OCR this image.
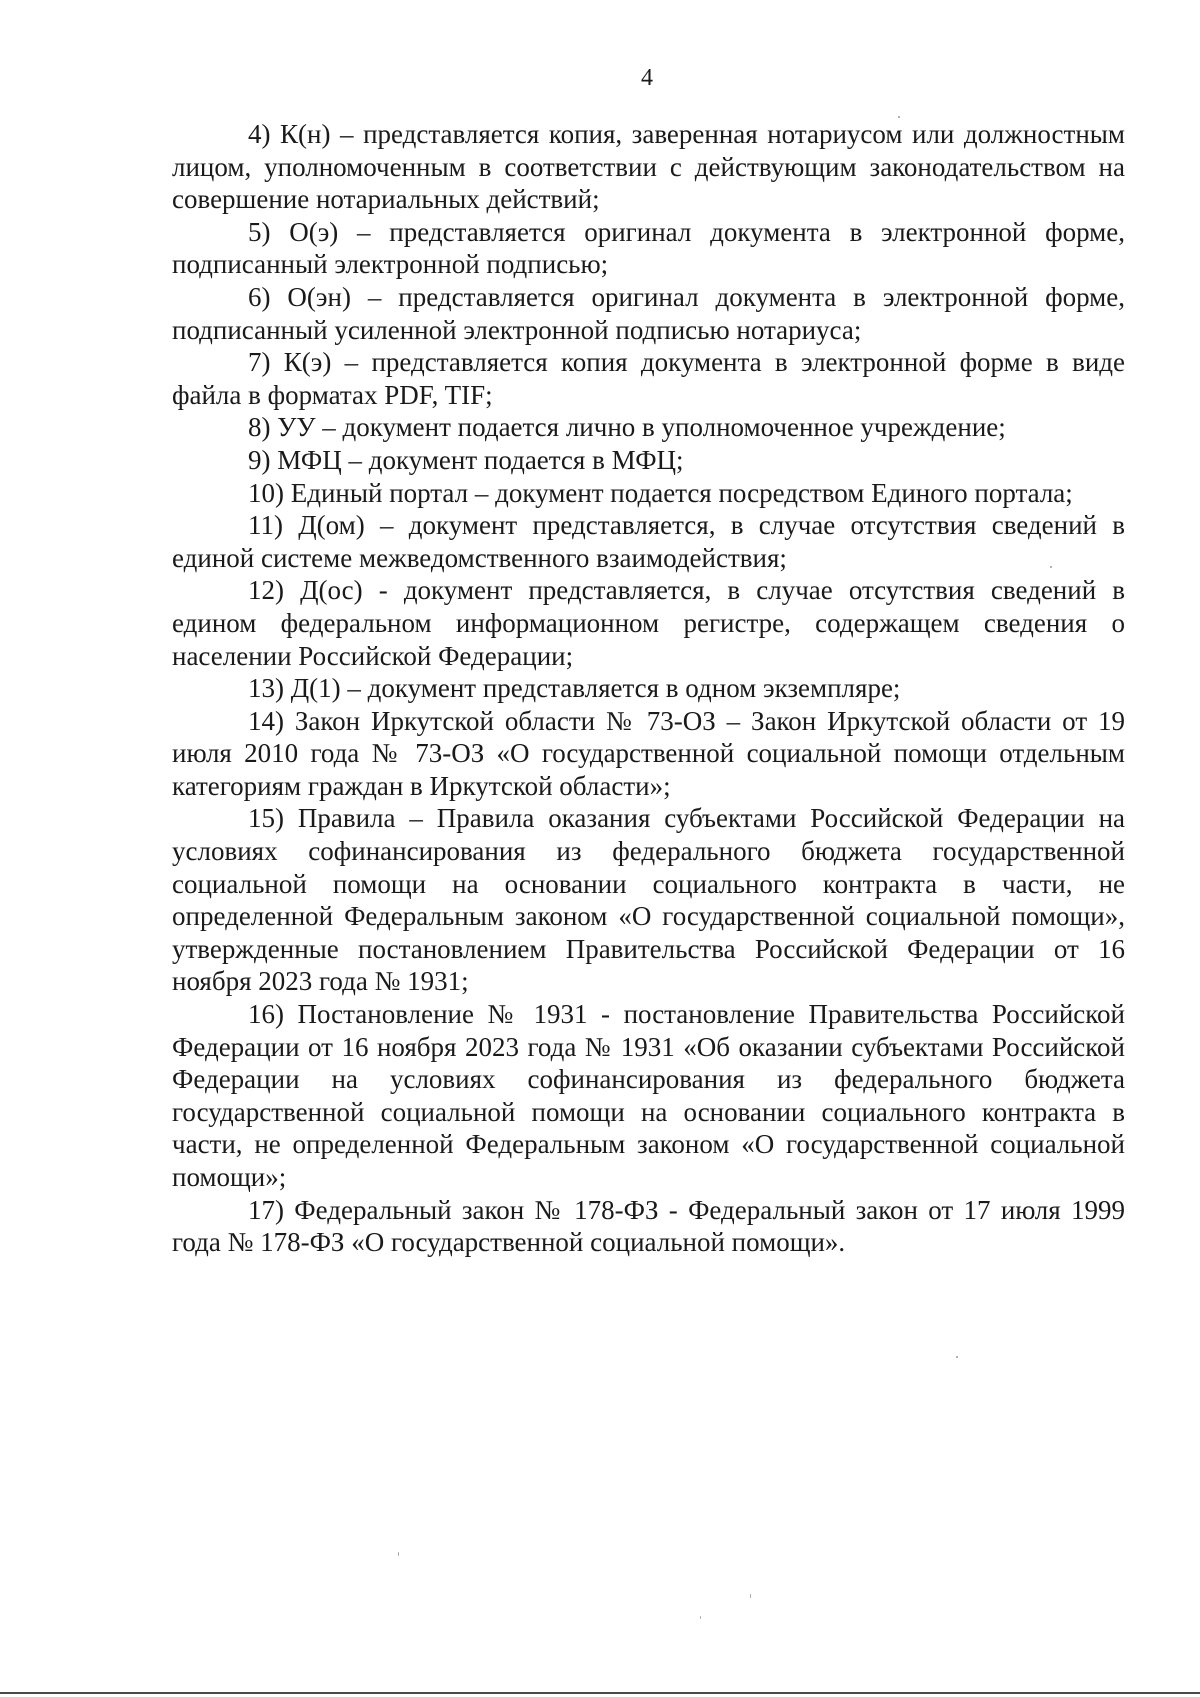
4

4) К(н) – представляется копия, заверенная нотариусом или должностным лицом, уполномоченным в соответствии с действующим законодательством на совершение нотариальных действий;

5) О(э) – представляется оригинал документа в электронной форме, подписанный электронной подписью;

6) О(эн) – представляется оригинал документа в электронной форме, подписанный усиленной электронной подписью нотариуса;

7) К(э) – представляется копия документа в электронной форме в виде файла в форматах PDF, TIF;

8) УУ – документ подается лично в уполномоченное учреждение;

9) МФЦ – документ подается в МФЦ;

10) Единый портал – документ подается посредством Единого портала;

11) Д(ом) – документ представляется, в случае отсутствия сведений в единой системе межведомственного взаимодействия;

12) Д(ос) - документ представляется, в случае отсутствия сведений в едином федеральном информационном регистре, содержащем сведения о населении Российской Федерации;

13) Д(1) – документ представляется в одном экземпляре;

14) Закон Иркутской области № 73-ОЗ – Закон Иркутской области от 19 июля 2010 года № 73-ОЗ «О государственной социальной помощи отдельным категориям граждан в Иркутской области»;

15) Правила – Правила оказания субъектами Российской Федерации на условиях софинансирования из федерального бюджета государственной социальной помощи на основании социального контракта в части, не определенной Федеральным законом «О государственной социальной помощи», утвержденные постановлением Правительства Российской Федерации от 16 ноября 2023 года № 1931;

16) Постановление № 1931 - постановление Правительства Российской Федерации от 16 ноября 2023 года № 1931 «Об оказании субъектами Российской Федерации на условиях софинансирования из федерального бюджета государственной социальной помощи на основании социального контракта в части, не определенной Федеральным законом «О государственной социальной помощи»;

17) Федеральный закон № 178-ФЗ - Федеральный закон от 17 июля 1999 года № 178-ФЗ «О государственной социальной помощи».
